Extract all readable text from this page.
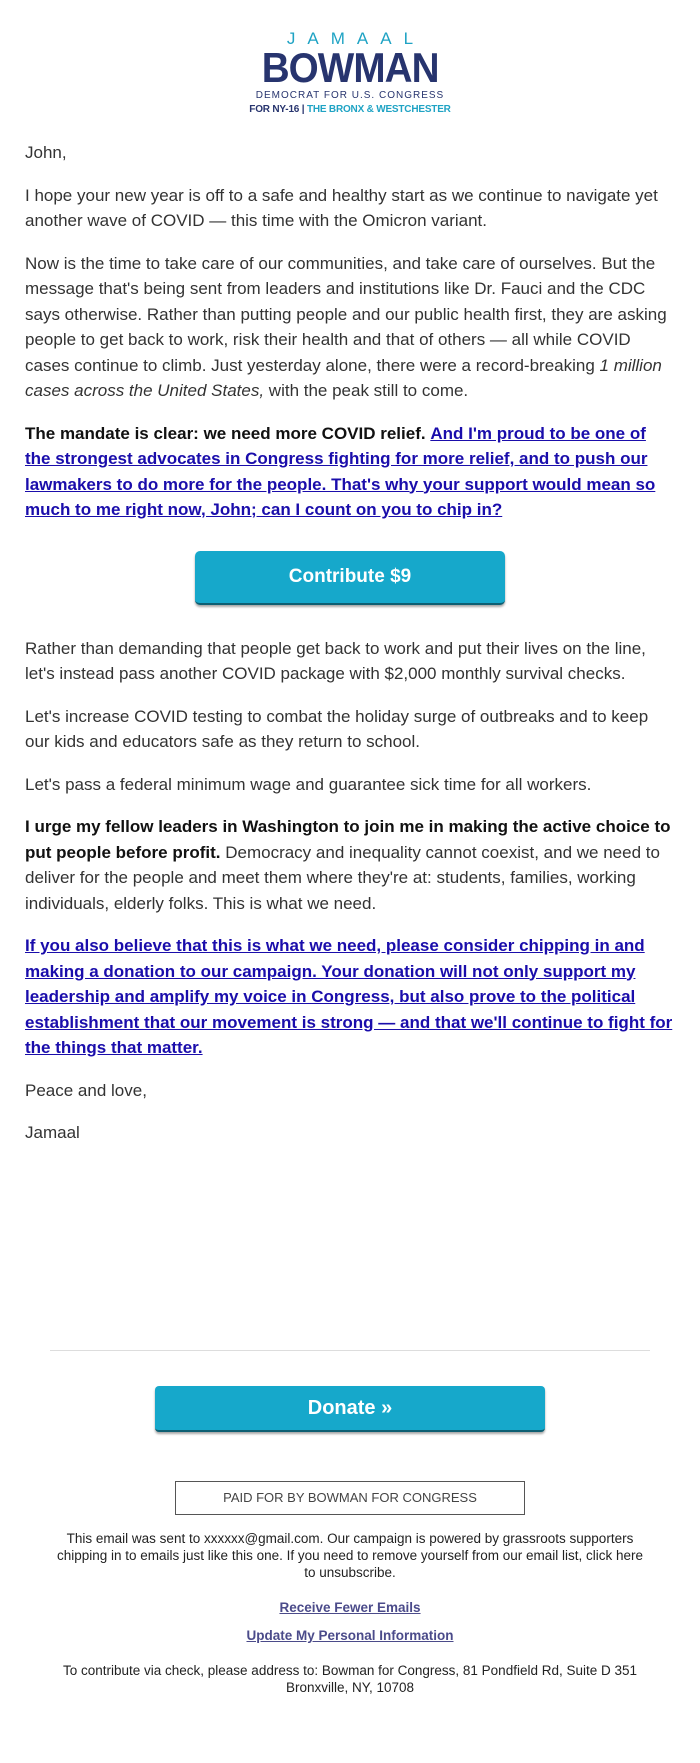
JAMAAL
BOWMAN
DEMOCRAT FOR U.S. CONGRESS
FOR NY-16 | THE BRONX & WESTCHESTER

John,

I hope your new year is off to a safe and healthy start as we continue to navigate yet another wave of COVID — this time with the Omicron variant.

Now is the time to take care of our communities, and take care of ourselves. But the message that's being sent from leaders and institutions like Dr. Fauci and the CDC says otherwise. Rather than putting people and our public health first, they are asking people to get back to work, risk their health and that of others — all while COVID cases continue to climb. Just yesterday alone, there were a record-breaking 1 million cases across the United States, with the peak still to come.

The mandate is clear: we need more COVID relief. And I'm proud to be one of the strongest advocates in Congress fighting for more relief, and to push our lawmakers to do more for the people. That's why your support would mean so much to me right now, John; can I count on you to chip in?

Contribute $9

Rather than demanding that people get back to work and put their lives on the line, let's instead pass another COVID package with $2,000 monthly survival checks.

Let's increase COVID testing to combat the holiday surge of outbreaks and to keep our kids and educators safe as they return to school.

Let's pass a federal minimum wage and guarantee sick time for all workers.

I urge my fellow leaders in Washington to join me in making the active choice to put people before profit. Democracy and inequality cannot coexist, and we need to deliver for the people and meet them where they're at: students, families, working individuals, elderly folks. This is what we need.

If you also believe that this is what we need, please consider chipping in and making a donation to our campaign. Your donation will not only support my leadership and amplify my voice in Congress, but also prove to the political establishment that our movement is strong — and that we'll continue to fight for the things that matter.

Peace and love,

Jamaal

Donate »
PAID FOR BY BOWMAN FOR CONGRESS

This email was sent to xxxxxx@gmail.com. Our campaign is powered by grassroots supporters chipping in to emails just like this one. If you need to remove yourself from our email list, click here to unsubscribe.

Receive Fewer Emails
Update My Personal Information

To contribute via check, please address to: Bowman for Congress, 81 Pondfield Rd, Suite D 351 Bronxville, NY, 10708
